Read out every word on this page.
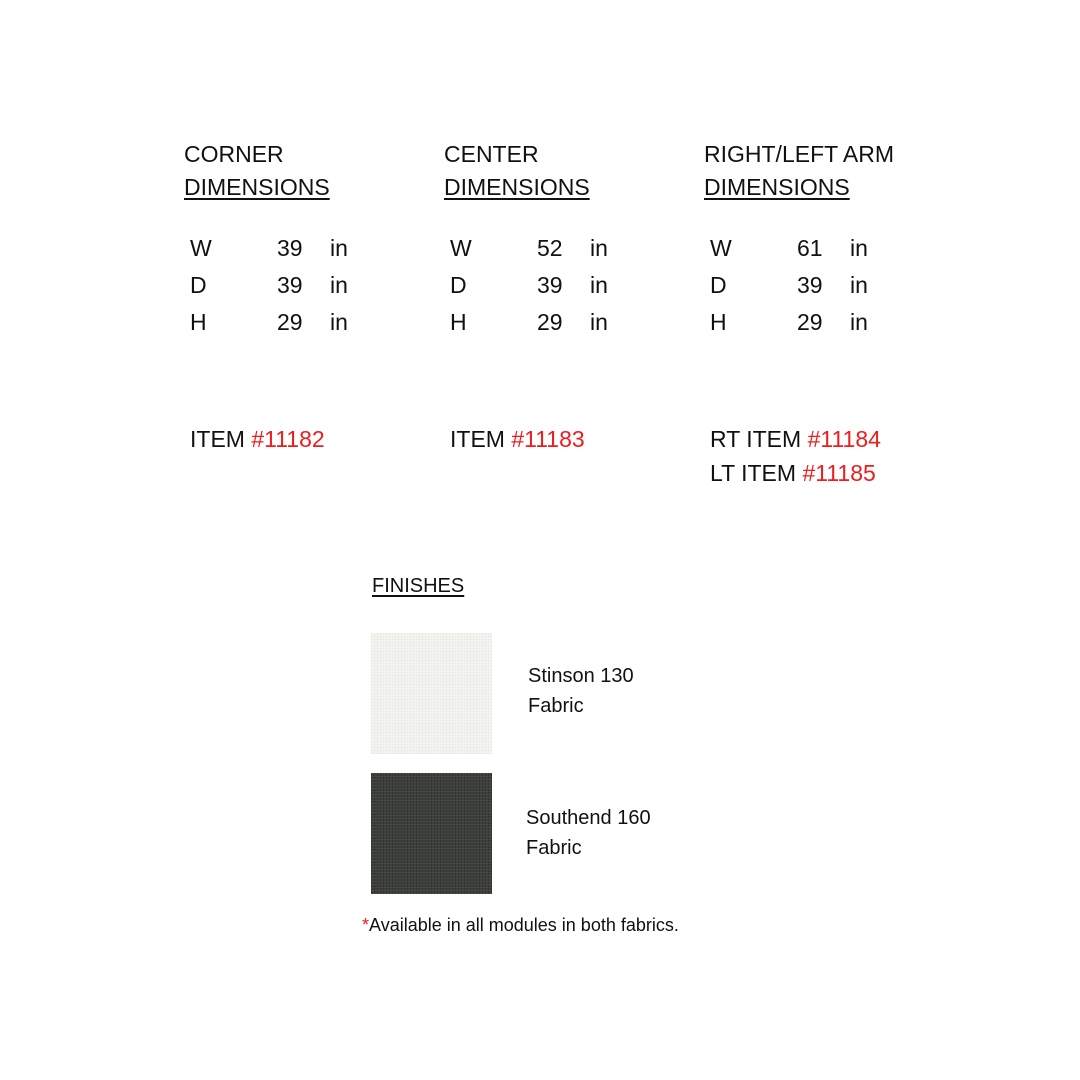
CORNER
DIMENSIONS
W	39 in
D	39 in
H	29 in
ITEM #11182
CENTER
DIMENSIONS
W	52 in
D	39 in
H	29 in
ITEM #11183
RIGHT/LEFT ARM
DIMENSIONS
W	61 in
D	39 in
H	29 in
RT ITEM #11184
LT ITEM #11185
FINISHES
Stinson 130
Fabric
Southend 160
Fabric
*Available in all modules in both fabrics.
